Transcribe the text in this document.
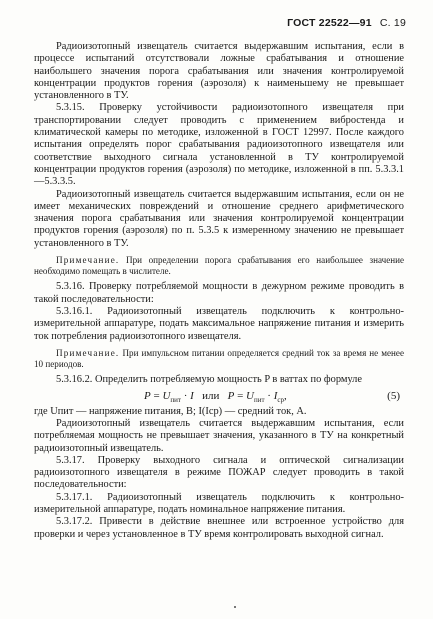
ГОСТ 22522—91 С. 19

Радиоизотопный извещатель считается выдержавшим испытания, если в процессе испытаний отсутствовали ложные срабатывания и отношение наибольшего значения порога срабатывания или значения контролируемой концентрации продуктов горения (аэрозоля) к наименьшему не превышает установленного в ТУ.

5.3.15. Проверку устойчивости радиоизотопного извещателя при транспортировании следует проводить с применением вибростенда и климатической камеры по методике, изложенной в ГОСТ 12997. После каждого испытания определять порог срабатывания радиоизотопного извещателя или соответствие выходного сигнала установленной в ТУ контролируемой концентрации продуктов горения (аэрозоля) по методике, изложенной в пп. 5.3.3.1—5.3.3.5.

Радиоизотопный извещатель считается выдержавшим испытания, если он не имеет механических повреждений и отношение среднего арифметического значения порога срабатывания или значения контролируемой концентрации продуктов горения (аэрозоля) по п. 5.3.5 к измеренному значению не превышает установленного в ТУ.

Примечание. При определении порога срабатывания его наибольшее значение необходимо помещать в числителе.

5.3.16. Проверку потребляемой мощности в дежурном режиме проводить в такой последовательности:

5.3.16.1. Радиоизотопный извещатель подключить к контрольно-измерительной аппаратуре, подать максимальное напряжение питания и измерить ток потребления радиоизотопного извещателя.

Примечание. При импульсном питании определяется средний ток за время не менее 10 периодов.

5.3.16.2. Определить потребляемую мощность P в ваттах по формуле

$P = U_{пит} \cdot I$   или   $P = U_{пит} \cdot I_{ср}$,	(5)

где Uпит — напряжение питания, В; I(Iср) — средний ток, А.

Радиоизотопный извещатель считается выдержавшим испытания, если потребляемая мощность не превышает значения, указанного в ТУ на конкретный радиоизотопный извещатель.

5.3.17. Проверку выходного сигнала и оптической сигнализации радиоизотопного извещателя в режиме ПОЖАР следует проводить в такой последовательности:

5.3.17.1. Радиоизотопный извещатель подключить к контрольно-измерительной аппаратуре, подать номинальное напряжение питания.

5.3.17.2. Привести в действие внешнее или встроенное устройство для проверки и через установленное в ТУ время контролировать выходной сигнал.
